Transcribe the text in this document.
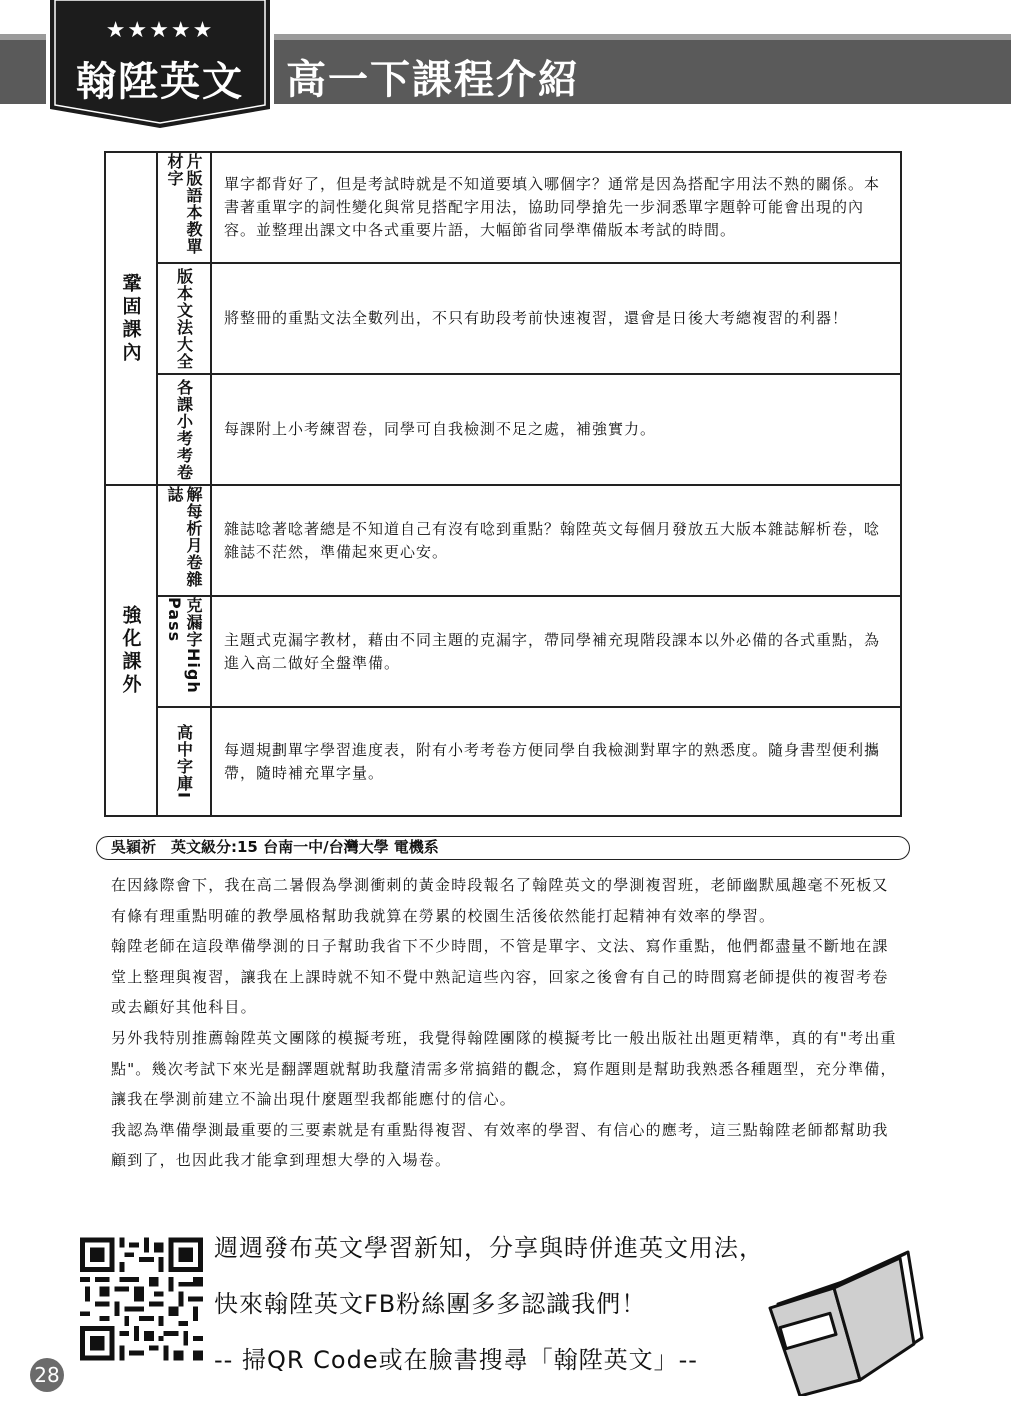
高一下課程介紹
★★★★★
翰陞英文
鞏固課內
強化課外
片版語本教單材字	單字都背好了，但是考試時就是不知道要填入哪個字？通常是因為搭配字用法不熟的關係。本書著重單字的詞性變化與常見搭配字用法，協助同學搶先一步洞悉單字題幹可能會出現的內容。並整理出課文中各式重要片語，大幅節省同學準備版本考試的時間。
版本文法大全 將整冊的重點文法全數列出，不只有助段考前快速複習，還會是日後大考總複習的利器！
各課小考考卷 每課附上小考練習卷，同學可自我檢測不足之處，補強實力。
解每析月卷雜誌
雜誌唸著唸著總是不知道自己有沒有唸到重點？翰陞英文每個月發放五大版本雜誌解析卷，唸雜誌不茫然，準備起來更心安。
克漏字High Pass	主題式克漏字教材，藉由不同主題的克漏字，帶同學補充現階段課本以外必備的各式重點，為進入高二做好全盤準備。
高中字庫I 每週規劃單字學習進度表，附有小考考卷方便同學自我檢測對單字的熟悉度。隨身書型便利攜帶，隨時補充單字量。
吳穎祈　英文級分:15 台南一中/台灣大學 電機系

在因緣際會下，我在高二暑假為學測衝刺的黃金時段報名了翰陞英文的學測複習班，老師幽默風趣毫不死板又有條有理重點明確的教學風格幫助我就算在勞累的校園生活後依然能打起精神有效率的學習。

翰陞老師在這段準備學測的日子幫助我省下不少時間，不管是單字、文法、寫作重點，他們都盡量不斷地在課堂上整理與複習，讓我在上課時就不知不覺中熟記這些內容，回家之後會有自己的時間寫老師提供的複習考卷或去顧好其他科目。

另外我特別推薦翰陞英文團隊的模擬考班，我覺得翰陞團隊的模擬考比一般出版社出題更精準，真的有"考出重點"。幾次考試下來光是翻譯題就幫助我釐清需多常搞錯的觀念，寫作題則是幫助我熟悉各種題型，充分準備，讓我在學測前建立不論出現什麼題型我都能應付的信心。

我認為準備學測最重要的三要素就是有重點得複習、有效率的學習、有信心的應考，這三點翰陞老師都幫助我顧到了，也因此我才能拿到理想大學的入場卷。

週週發布英文學習新知，分享與時併進英文用法，
快來翰陞英文FB粉絲團多多認識我們！
-- 掃QR Code或在臉書搜尋「翰陞英文」--
28
